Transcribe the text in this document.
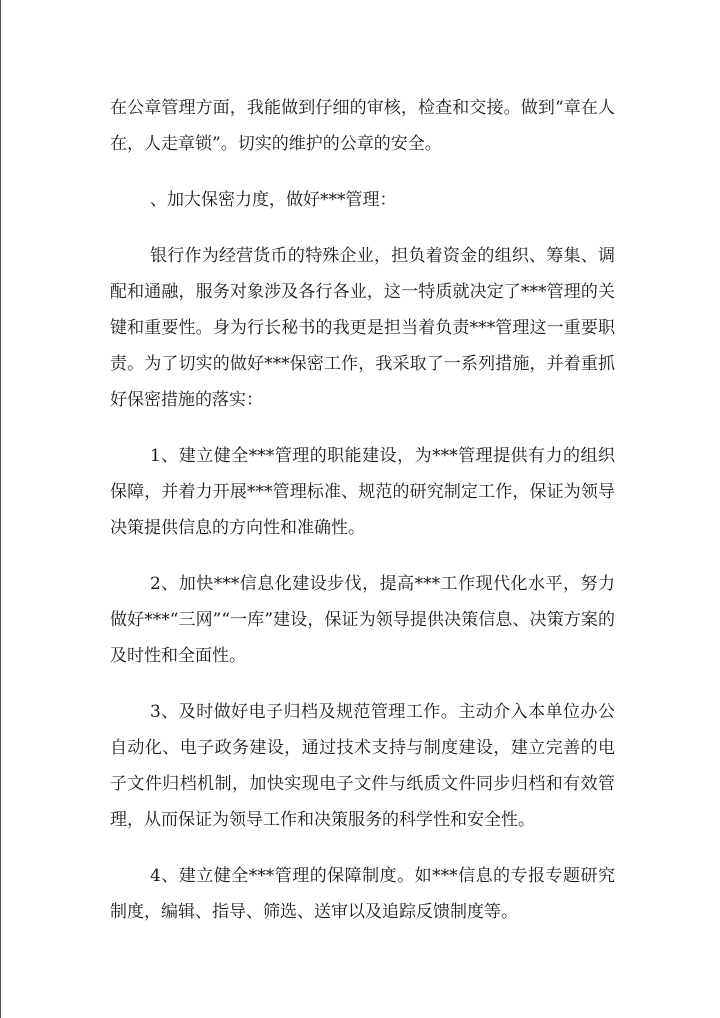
在公章管理方面，我能做到仔细的审核，检查和交接。做到“章在人在，人走章锁”。切实的维护的公章的安全。

、加大保密力度，做好***管理：

银行作为经营货币的特殊企业，担负着资金的组织、筹集、调配和通融，服务对象涉及各行各业，这一特质就决定了***管理的关键和重要性。身为行长秘书的我更是担当着负责***管理这一重要职责。为了切实的做好***保密工作，我采取了一系列措施，并着重抓好保密措施的落实：

1、建立健全***管理的职能建设，为***管理提供有力的组织保障，并着力开展***管理标准、规范的研究制定工作，保证为领导决策提供信息的方向性和准确性。

2、加快***信息化建设步伐，提高***工作现代化水平，努力做好***“三网”“一库”建设，保证为领导提供决策信息、决策方案的及时性和全面性。

3、及时做好电子归档及规范管理工作。主动介入本单位办公自动化、电子政务建设，通过技术支持与制度建设，建立完善的电子文件归档机制，加快实现电子文件与纸质文件同步归档和有效管理，从而保证为领导工作和决策服务的科学性和安全性。

4、建立健全***管理的保障制度。如***信息的专报专题研究制度，编辑、指导、筛选、送审以及追踪反馈制度等。
